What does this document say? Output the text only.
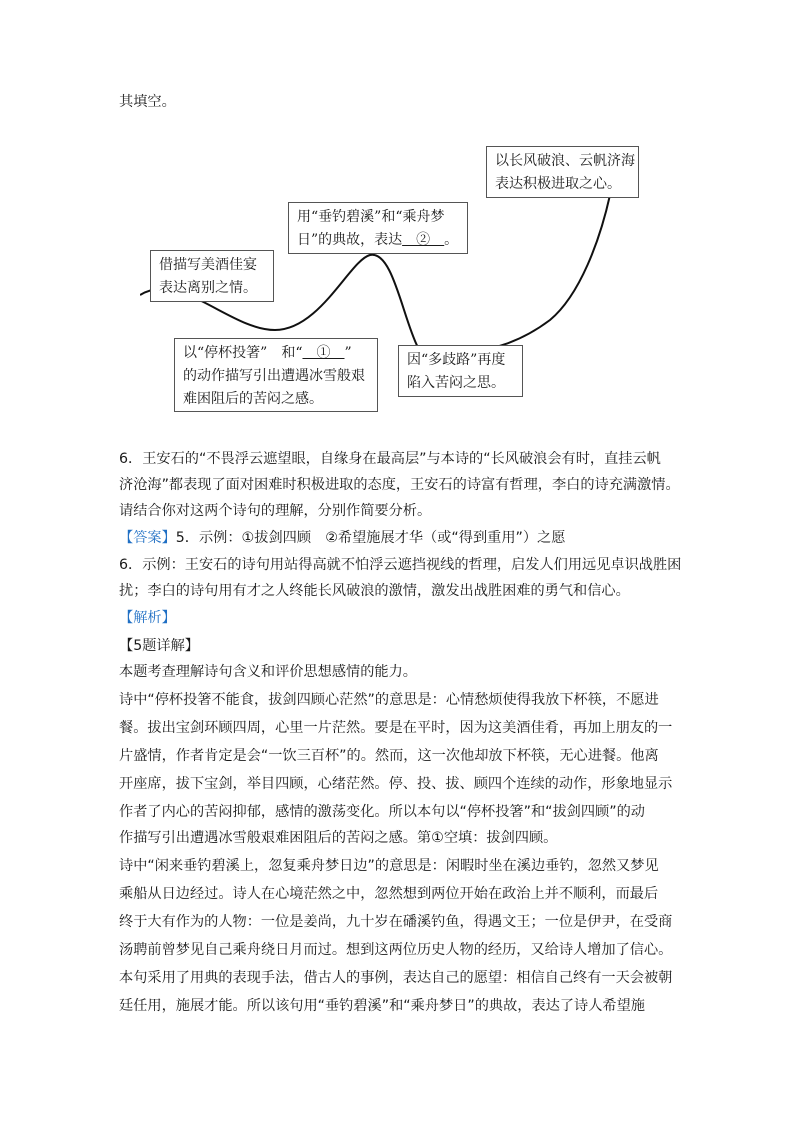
其填空。
以长风破浪、云帆济海
表达积极进取之心。
用“垂钓碧溪”和“乘舟梦
日”的典故，表达＿②＿。
借描写美酒佳宴
表达离别之情。
以“停杯投箸”　和“＿①＿”
的动作描写引出遭遇冰雪般艰
难困阻后的苦闷之感。
因“多歧路”再度
陷入苦闷之思。
6．王安石的“不畏浮云遮望眼，自缘身在最高层”与本诗的“长风破浪会有时，直挂云帆
济沧海”都表现了面对困难时积极进取的态度，王安石的诗富有哲理，李白的诗充满激情。
请结合你对这两个诗句的理解，分别作简要分析。
【答案】5．示例：①拔剑四顾　②希望施展才华（或“得到重用”）之愿
6．示例：王安石的诗句用站得高就不怕浮云遮挡视线的哲理，启发人们用远见卓识战胜困
扰；李白的诗句用有才之人终能长风破浪的激情，激发出战胜困难的勇气和信心。
【解析】
【5题详解】
本题考查理解诗句含义和评价思想感情的能力。
诗中“停杯投箸不能食，拔剑四顾心茫然”的意思是：心情愁烦使得我放下杯筷，不愿进
餐。拔出宝剑环顾四周，心里一片茫然。要是在平时，因为这美酒佳肴，再加上朋友的一
片盛情，作者肯定是会“一饮三百杯”的。然而，这一次他却放下杯筷，无心进餐。他离
开座席，拔下宝剑，举目四顾，心绪茫然。停、投、拔、顾四个连续的动作，形象地显示
作者了内心的苦闷抑郁，感情的激荡变化。所以本句以“停杯投箸”和“拔剑四顾”的动
作描写引出遭遇冰雪般艰难困阻后的苦闷之感。第①空填：拔剑四顾。
诗中“闲来垂钓碧溪上，忽复乘舟梦日边”的意思是：闲暇时坐在溪边垂钓，忽然又梦见
乘船从日边经过。诗人在心境茫然之中，忽然想到两位开始在政治上并不顺利，而最后
终于大有作为的人物：一位是姜尚，九十岁在磻溪钓鱼，得遇文王；一位是伊尹，在受商
汤聘前曾梦见自己乘舟绕日月而过。想到这两位历史人物的经历，又给诗人增加了信心。
本句采用了用典的表现手法，借古人的事例，表达自己的愿望：相信自己终有一天会被朝
廷任用，施展才能。所以该句用“垂钓碧溪”和“乘舟梦日”的典故，表达了诗人希望施
